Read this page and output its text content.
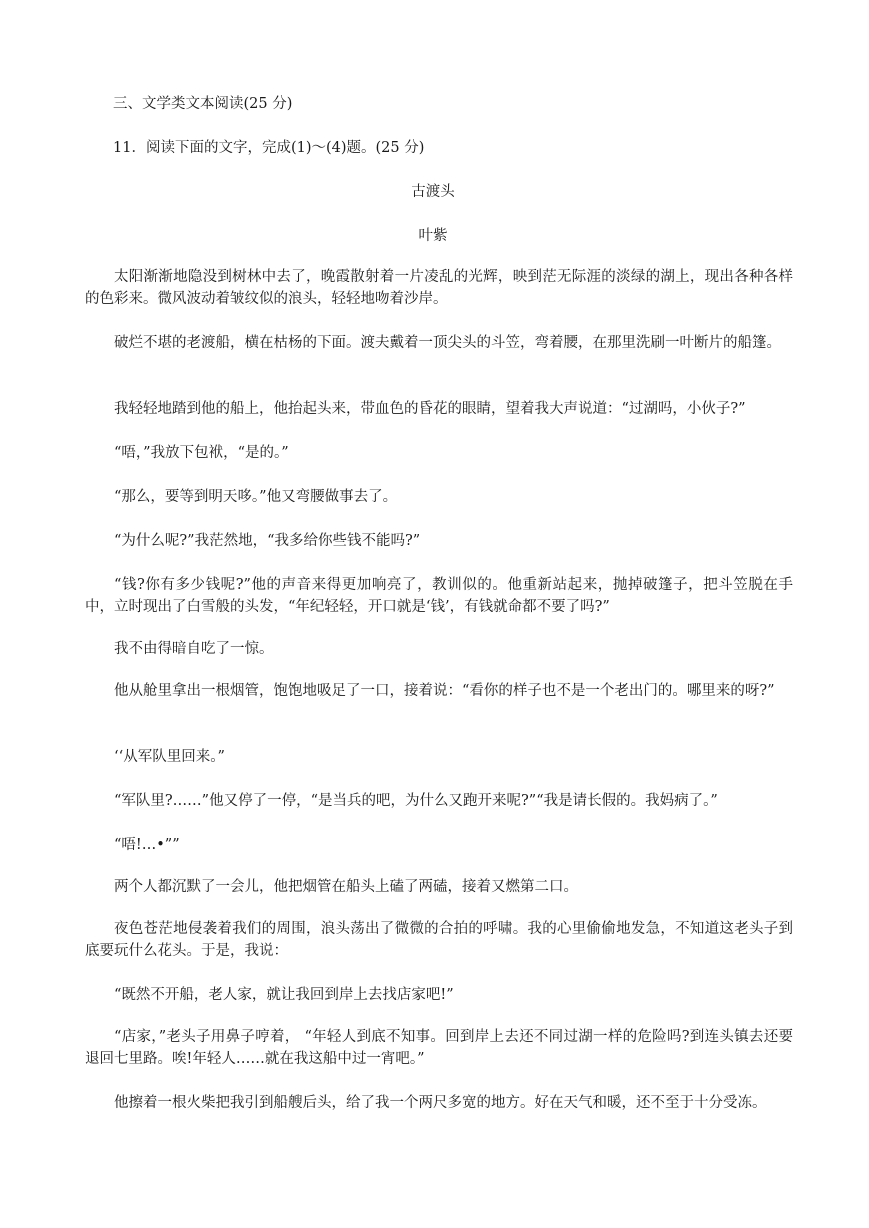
三、文学类文本阅读(25 分)
11．阅读下面的文字，完成(1)～(4)题。(25 分)
古渡头
叶紫
太阳渐渐地隐没到树林中去了，晚霞散射着一片凌乱的光辉，映到茫无际涯的淡绿的湖上，现出各种各样的色彩来。微风波动着皱纹似的浪头，轻轻地吻着沙岸。
破烂不堪的老渡船，横在枯杨的下面。渡夫戴着一顶尖头的斗笠，弯着腰，在那里洗刷一叶断片的船篷。
我轻轻地踏到他的船上，他抬起头来，带血色的昏花的眼睛，望着我大声说道：“过湖吗，小伙子?”
“唔，”我放下包袱，“是的。”
“那么，要等到明天哆。”他又弯腰做事去了。
“为什么呢?”我茫然地，“我多给你些钱不能吗?”
“钱?你有多少钱呢?”他的声音来得更加响亮了，教训似的。他重新站起来，抛掉破篷子，把斗笠脱在手中，立时现出了白雪般的头发，“年纪轻轻，开口就是‘钱’，有钱就命都不要了吗?”
我不由得暗自吃了一惊。
他从舱里拿出一根烟管，饱饱地吸足了一口，接着说：“看你的样子也不是一个老出门的。哪里来的呀?”
‘‘从军队里回来。”
“军队里?……”他又停了一停，“是当兵的吧，为什么又跑开来呢?”“我是请长假的。我妈病了。”
“唔!…•””
两个人都沉默了一会儿，他把烟管在船头上磕了两磕，接着又燃第二口。
夜色苍茫地侵袭着我们的周围，浪头荡出了微微的合拍的呼啸。我的心里偷偷地发急，不知道这老头子到底要玩什么花头。于是，我说：
“既然不开船，老人家，就让我回到岸上去找店家吧!”
“店家，”老头子用鼻子哼着， “年轻人到底不知事。回到岸上去还不同过湖一样的危险吗?到连头镇去还要退回七里路。唉!年轻人……就在我这船中过一宵吧。”
他擦着一根火柴把我引到船艘后头，给了我一个两尺多宽的地方。好在天气和暖，还不至于十分受冻。
